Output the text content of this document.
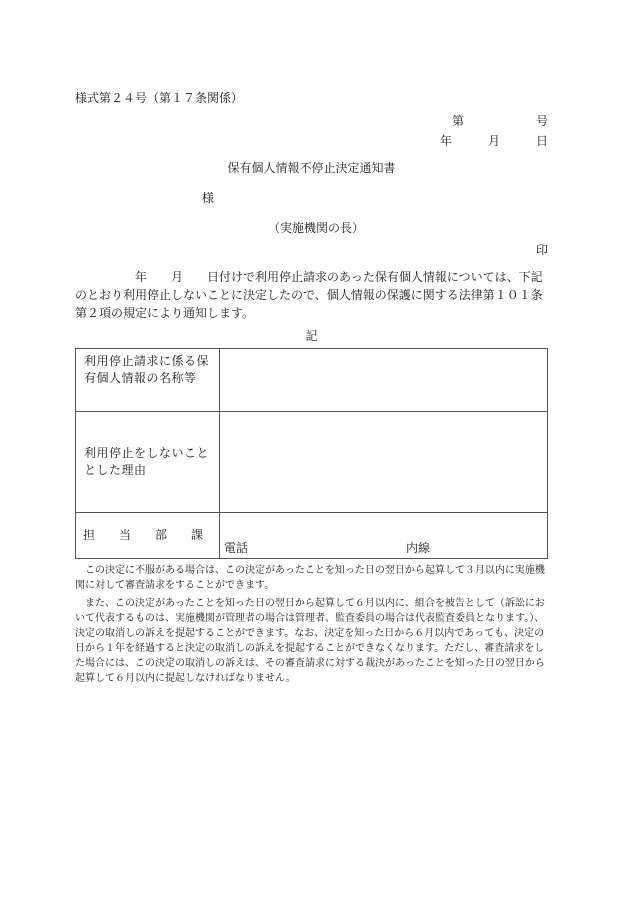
様式第２４号（第１７条関係）
第　　　　　　号
年　　　月　　　日
保有個人情報不停止決定通知書
様
（実施機関の長）
印

　　　　　年　　月　　日付けで利用停止請求のあった保有個人情報については、下記のとおり利用停止しないことに決定したので、個人情報の保護に関する法律第１０１条第２項の規定により通知します。

記
利用停止請求に係る保有個人情報の名称等	
利用停止をしないこととした理由	
担　　当　　部　　課	電話 内線

　この決定に不服がある場合は、この決定があったことを知った日の翌日から起算して３月以内に実施機関に対して審査請求をすることができます。

　また、この決定があったことを知った日の翌日から起算して６月以内に、組合を被告として（訴訟において代表するものは、実施機関が管理者の場合は管理者、監査委員の場合は代表監査委員となります。）、決定の取消しの訴えを提起することができます。なお、決定を知った日から６月以内であっても、決定の日から１年を経過すると決定の取消しの訴えを提起することができなくなります。ただし、審査請求をした場合には、この決定の取消しの訴えは、その審査請求に対する裁決があったことを知った日の翌日から起算して６月以内に提起しなければなりません。
